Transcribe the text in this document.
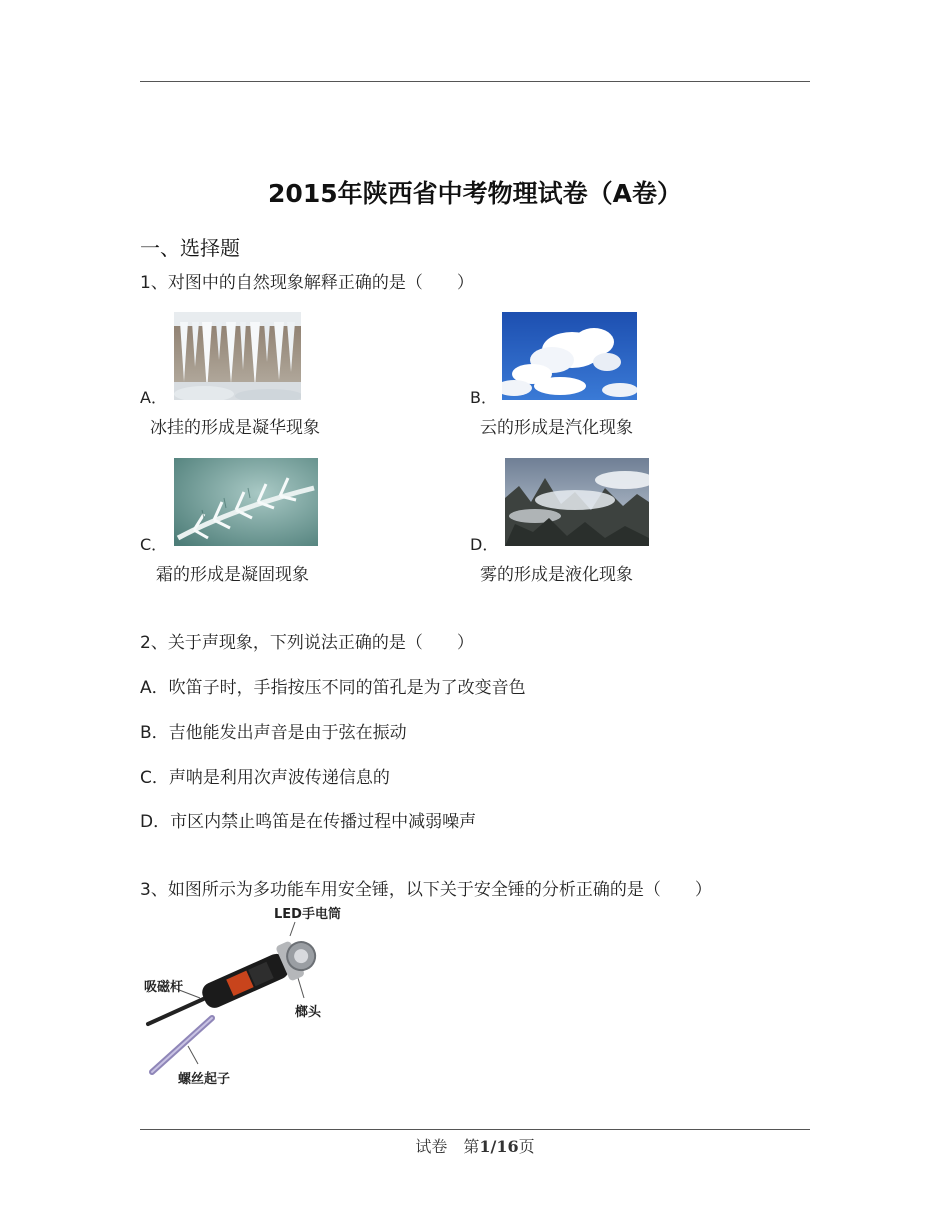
2015年陕西省中考物理试卷（A卷）
一、选择题
1、对图中的自然现象解释正确的是（　　）
A．
冰挂的形成是凝华现象
B．
云的形成是汽化现象
C．
霜的形成是凝固现象
D．
雾的形成是液化现象
2、关于声现象，下列说法正确的是（　　）
A．吹笛子时，手指按压不同的笛孔是为了改变音色
B．吉他能发出声音是由于弦在振动
C．声呐是利用次声波传递信息的
D．市区内禁止鸣笛是在传播过程中减弱噪声
3、如图所示为多功能车用安全锤，以下关于安全锤的分析正确的是（　　）
LED手电筒
吸磁杆
榔头
螺丝起子
试卷　第1/16页
